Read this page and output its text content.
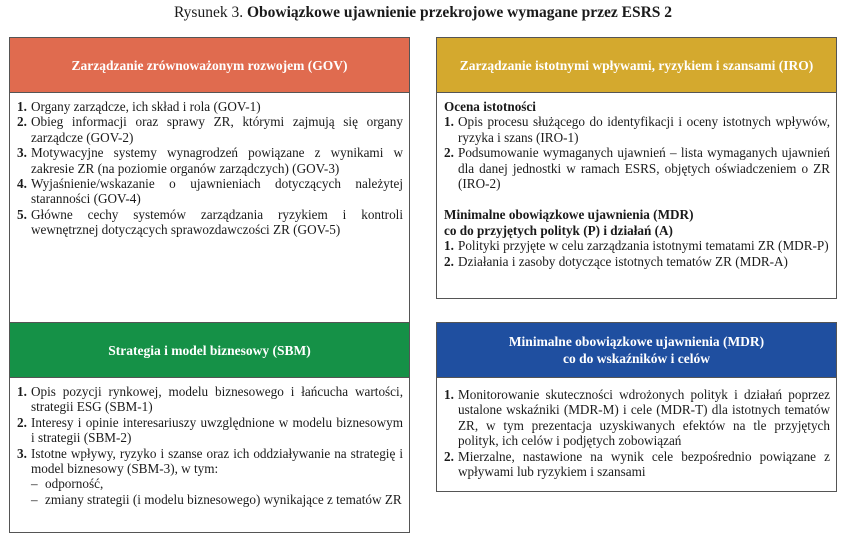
Rysunek 3. Obowiązkowe ujawnienie przekrojowe wymagane przez ESRS 2
Zarządzanie zrównoważonym rozwojem (GOV)
1. Organy zarządcze, ich skład i rola (GOV-1)
2. Obieg informacji oraz sprawy ZR, którymi zajmują się organy zarządcze (GOV-2)
3. Motywacyjne systemy wynagrodzeń powiązane z wynikami w zakresie ZR (na poziomie organów zarządczych) (GOV-3)
4. Wyjaśnienie/wskazanie o ujawnieniach dotyczących należytej staranności (GOV-4)
5. Główne cechy systemów zarządzania ryzykiem i kontroli wewnętrznej dotyczących sprawozdawczości ZR (GOV-5)
Zarządzanie istotnymi wpływami, ryzykiem i szansami (IRO)
Ocena istotności
1. Opis procesu służącego do identyfikacji i oceny istotnych wpływów, ryzyka i szans (IRO-1)
2. Podsumowanie wymaganych ujawnień – lista wymaganych ujawnień dla danej jednostki w ramach ESRS, objętych oświadczeniem o ZR (IRO-2)
Minimalne obowiązkowe ujawnienia (MDR)
co do przyjętych polityk (P) i działań (A)
1. Polityki przyjęte w celu zarządzania istotnymi tematami ZR (MDR-P)
2. Działania i zasoby dotyczące istotnych tematów ZR (MDR-A)
Strategia i model biznesowy (SBM)
1. Opis pozycji rynkowej, modelu biznesowego i łańcucha wartości, strategii ESG (SBM-1)
2. Interesy i opinie interesariuszy uwzględnione w modelu biznesowym i strategii (SBM-2)
3. Istotne wpływy, ryzyko i szanse oraz ich oddziaływanie na strategię i model biznesowy (SBM-3), w tym:
– odporność,
– zmiany strategii (i modelu biznesowego) wynikające z tematów ZR
Minimalne obowiązkowe ujawnienia (MDR)
co do wskaźników i celów
1. Monitorowanie skuteczności wdrożonych polityk i działań poprzez ustalone wskaźniki (MDR-M) i cele (MDR-T) dla istotnych tematów ZR, w tym prezentacja uzyskiwanych efektów na tle przyjętych polityk, ich celów i podjętych zobowiązań
2. Mierzalne, nastawione na wynik cele bezpośrednio powiązane z wpływami lub ryzykiem i szansami
